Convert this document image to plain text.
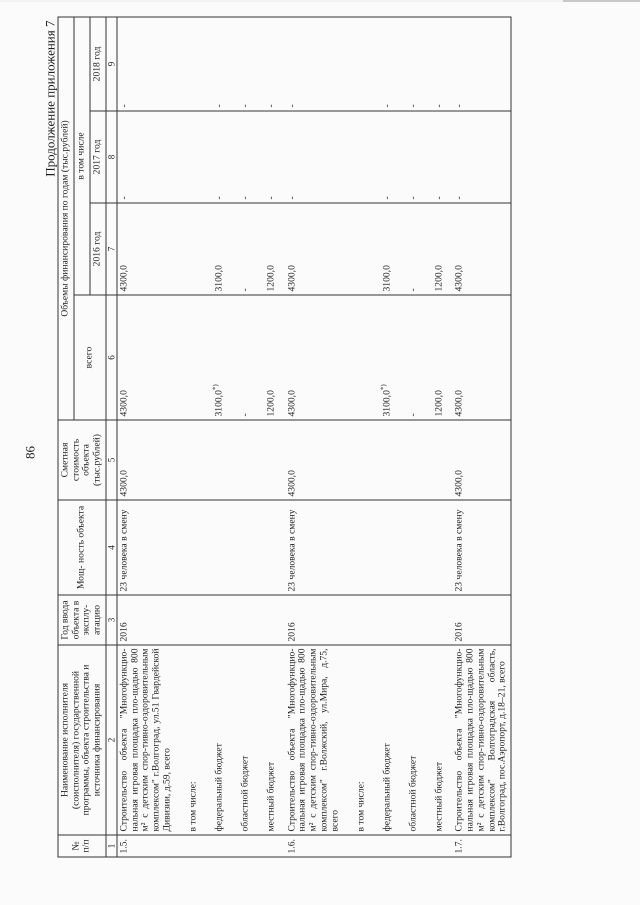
86
Продолжение приложения 7
№ п/п	Наименование исполнителя (соисполнителя) государственной программы, объекта строительства и источника финансирования	Год ввода объекта в эксплу- атацию	Мощ- ность объекта	Сметная стоимость объекта (тыс.рублей)	Объемы финансирования по годам (тыс.рублей)			
					всего	в том числе		
						2016 год	2017 год	2018 год
1	2	3	4	5	6	7	8	9
1.5.	Строительство объекта "Многофункцио-нальная игровая площадка пло-щадью 800 м² с детским спор-тивно-оздоровительным комплексом" г.Волгоград, ул.51 Гвардейской Дивизии, д.59, всего	2016	23 человека в смену	4300,0	4300,0	4300,0	-	-
	в том числе:							
	федеральный бюджет				3100,0*)	3100,0	-	-
	областной бюджет				-	-	-	-
	местный бюджет				1200,0	1200,0	-	-

1.6.	Строительство объекта "Многофункцио-нальная игровая площадка пло-щадью 800 м² с детским спор-тивно-оздоровительным комплексом" г.Волжский, ул.Мира, д.75, всего	2016	23 человека в смену	4300,0	4300,0	4300,0	-	-
	в том числе:							
	федеральный бюджет				3100,0*)	3100,0	-	-
	областной бюджет				-	-	-	-
	местный бюджет				1200,0	1200,0	-	-

1.7.	Строительство объекта "Многофункцио-нальная игровая площадка пло-щадью 800 м² с детским спор-тивно-оздоровительным комплексом" Волгоградская область, г.Волгоград, пос.Аэропорт, д.18–21, всего	2016	23 человека в смену	4300,0	4300,0	4300,0	-	-
